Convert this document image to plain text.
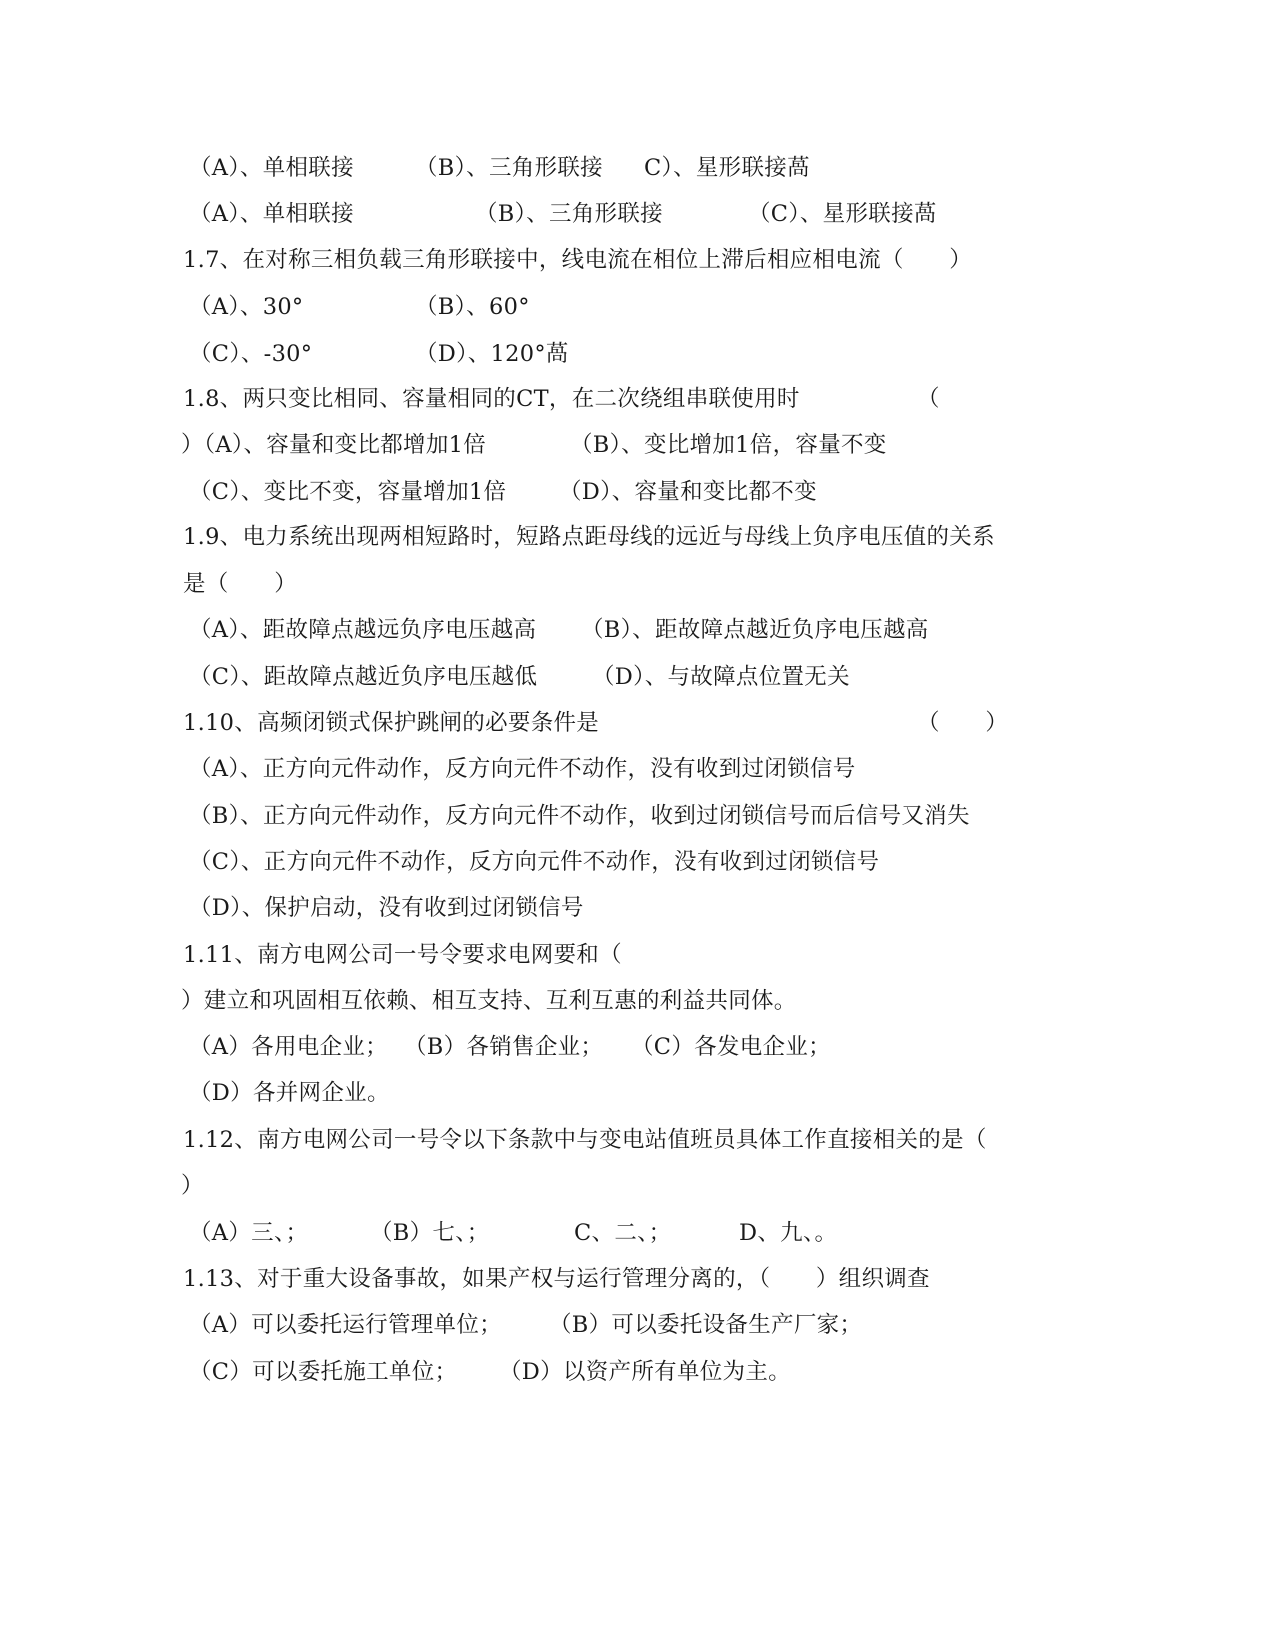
（A）、单相联接

	（B）、三角形联接

C）、星形联接萵

（A）、单相联接

	（B）、三角形联接

	（C）、星形联接萵

1.7、在对称三相负载三角形联接中，线电流在相位上滞后相应相电流（　　）

（A）、30°

	（B）、60°

（C）、-30°

	（D）、120°萵

1.8、两只变比相同、容量相同的CT，在二次绕组串联使用时

	（

）（A）、容量和变比都增加1倍

	（B）、变比增加1倍，容量不变

（C）、变比不变，容量增加1倍

（D）、容量和变比都不变

1.9、电力系统出现两相短路时，短路点距母线的远近与母线上负序电压值的关系

是（　　）

（A）、距故障点越远负序电压越高

（B）、距故障点越近负序电压越高

（C）、距故障点越近负序电压越低

（D）、与故障点位置无关

1.10、高频闭锁式保护跳闸的必要条件是

	（　　）

（A）、正方向元件动作，反方向元件不动作，没有收到过闭锁信号

（B）、正方向元件动作，反方向元件不动作，收到过闭锁信号而后信号又消失

（C）、正方向元件不动作，反方向元件不动作，没有收到过闭锁信号

（D）、保护启动，没有收到过闭锁信号

1.11、南方电网公司一号令要求电网要和（

）建立和巩固相互依赖、相互支持、互利互惠的利益共同体。

（A）各用电企业；

（B）各销售企业；

（C）各发电企业；

（D）各并网企业。

1.12、南方电网公司一号令以下条款中与变电站值班员具体工作直接相关的是（

）

（A）三、；

	（B）七、；

	C、二、；

	D、九、。

1.13、对于重大设备事故，如果产权与运行管理分离的，（　　）组织调查

（A）可以委托运行管理单位；

（B）可以委托设备生产厂家；

（C）可以委托施工单位；

（D）以资产所有单位为主。
